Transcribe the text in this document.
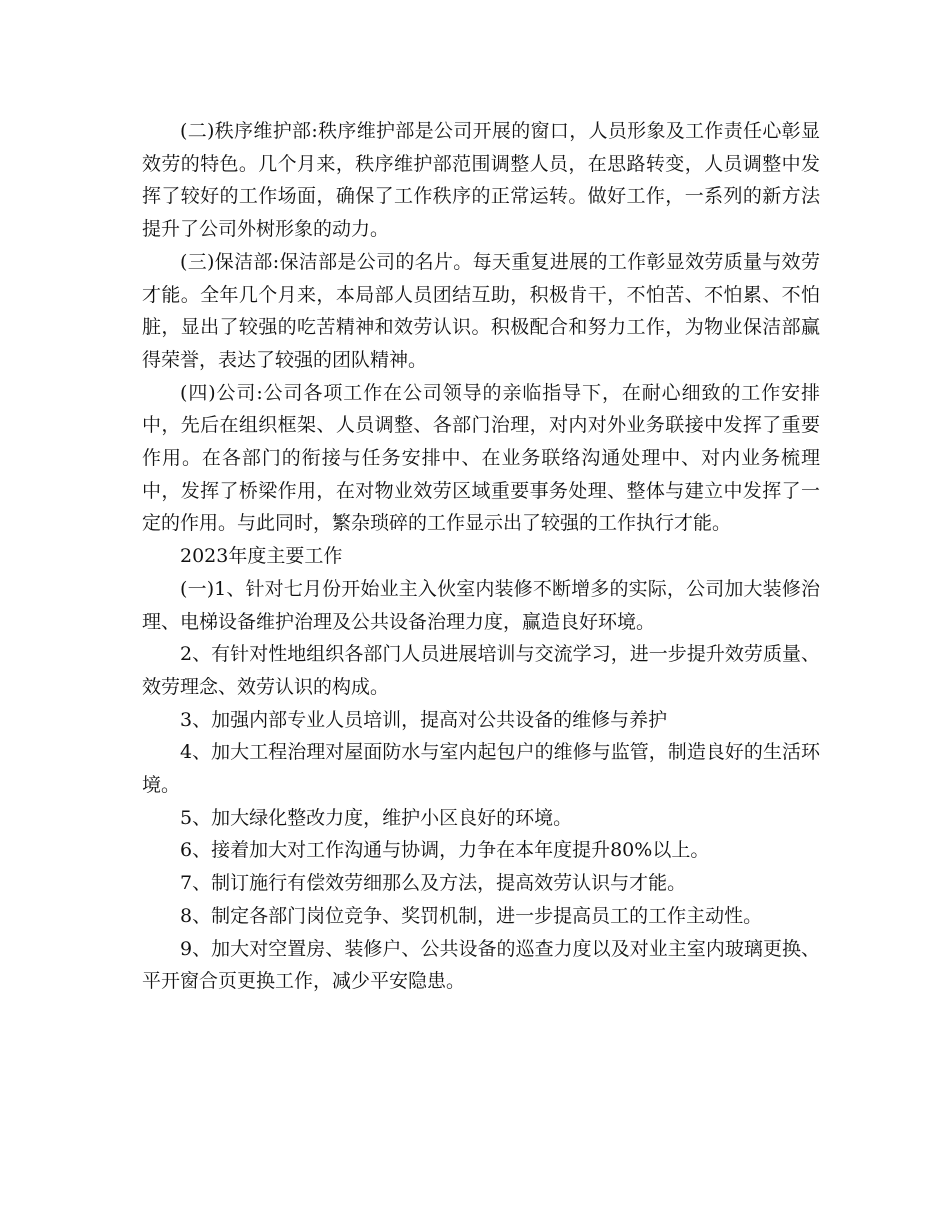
(二)秩序维护部:秩序维护部是公司开展的窗口，人员形象及工作责任心彰显效劳的特色。几个月来，秩序维护部范围调整人员，在思路转变，人员调整中发挥了较好的工作场面，确保了工作秩序的正常运转。做好工作，一系列的新方法提升了公司外树形象的动力。

(三)保洁部:保洁部是公司的名片。每天重复进展的工作彰显效劳质量与效劳才能。全年几个月来，本局部人员团结互助，积极肯干，不怕苦、不怕累、不怕脏，显出了较强的吃苦精神和效劳认识。积极配合和努力工作，为物业保洁部赢得荣誉，表达了较强的团队精神。

(四)公司:公司各项工作在公司领导的亲临指导下，在耐心细致的工作安排中，先后在组织框架、人员调整、各部门治理，对内对外业务联接中发挥了重要作用。在各部门的衔接与任务安排中、在业务联络沟通处理中、对内业务梳理中，发挥了桥梁作用，在对物业效劳区域重要事务处理、整体与建立中发挥了一定的作用。与此同时，繁杂琐碎的工作显示出了较强的工作执行才能。

2023年度主要工作

(一)1、针对七月份开始业主入伙室内装修不断增多的实际，公司加大装修治理、电梯设备维护治理及公共设备治理力度，赢造良好环境。

2、有针对性地组织各部门人员进展培训与交流学习，进一步提升效劳质量、效劳理念、效劳认识的构成。

3、加强内部专业人员培训，提高对公共设备的维修与养护

4、加大工程治理对屋面防水与室内起包户的维修与监管，制造良好的生活环境。

5、加大绿化整改力度，维护小区良好的环境。

6、接着加大对工作沟通与协调，力争在本年度提升80%以上。

7、制订施行有偿效劳细那么及方法，提高效劳认识与才能。

8、制定各部门岗位竞争、奖罚机制，进一步提高员工的工作主动性。

9、加大对空置房、装修户、公共设备的巡查力度以及对业主室内玻璃更换、平开窗合页更换工作，减少平安隐患。
